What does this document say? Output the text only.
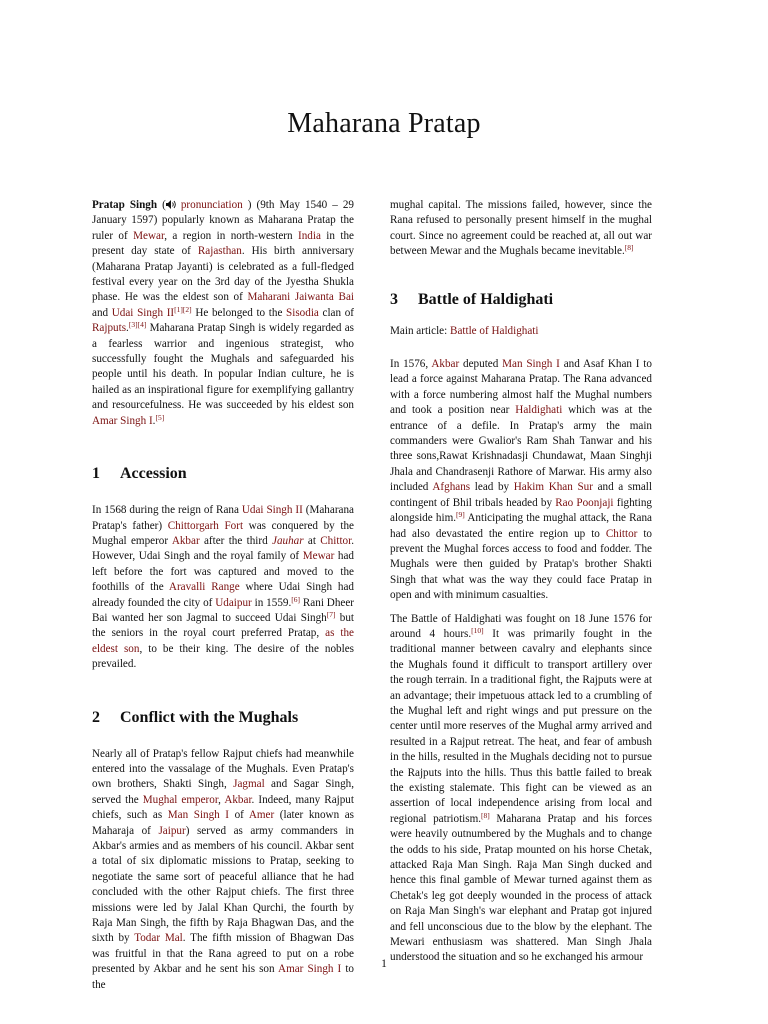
Maharana Pratap

Pratap Singh ( pronunciation ) (9th May 1540 – 29 January 1597) popularly known as Maharana Pratap the ruler of Mewar, a region in north-western India in the present day state of Rajasthan. His birth anniversary (Maharana Pratap Jayanti) is celebrated as a full-fledged festival every year on the 3rd day of the Jyestha Shukla phase. He was the eldest son of Maharani Jaiwanta Bai and Udai Singh II[1][2] He belonged to the Sisodia clan of Rajputs.[3][4] Maharana Pratap Singh is widely regarded as a fearless warrior and ingenious strategist, who successfully fought the Mughals and safeguarded his people until his death. In popular Indian culture, he is hailed as an inspirational figure for exemplifying gallantry and resourcefulness. He was succeeded by his eldest son Amar Singh I.[5]

1 Accession

In 1568 during the reign of Rana Udai Singh II (Maharana Pratap's father) Chittorgarh Fort was conquered by the Mughal emperor Akbar after the third Jauhar at Chittor. However, Udai Singh and the royal family of Mewar had left before the fort was captured and moved to the foothills of the Aravalli Range where Udai Singh had already founded the city of Udaipur in 1559.[6] Rani Dheer Bai wanted her son Jagmal to succeed Udai Singh[7] but the seniors in the royal court preferred Pratap, as the eldest son, to be their king. The desire of the nobles prevailed.

2 Conflict with the Mughals

Nearly all of Pratap's fellow Rajput chiefs had meanwhile entered into the vassalage of the Mughals. Even Pratap's own brothers, Shakti Singh, Jagmal and Sagar Singh, served the Mughal emperor, Akbar. Indeed, many Rajput chiefs, such as Man Singh I of Amer (later known as Maharaja of Jaipur) served as army commanders in Akbar's armies and as members of his council. Akbar sent a total of six diplomatic missions to Pratap, seeking to negotiate the same sort of peaceful alliance that he had concluded with the other Rajput chiefs. The first three missions were led by Jalal Khan Qurchi, the fourth by Raja Man Singh, the fifth by Raja Bhagwan Das, and the sixth by Todar Mal. The fifth mission of Bhagwan Das was fruitful in that the Rana agreed to put on a robe presented by Akbar and he sent his son Amar Singh I to the

mughal capital. The missions failed, however, since the Rana refused to personally present himself in the mughal court. Since no agreement could be reached at, all out war between Mewar and the Mughals became inevitable.[8]

3 Battle of Haldighati

Main article: Battle of Haldighati

In 1576, Akbar deputed Man Singh I and Asaf Khan I to lead a force against Maharana Pratap. The Rana advanced with a force numbering almost half the Mughal numbers and took a position near Haldighati which was at the entrance of a defile. In Pratap's army the main commanders were Gwalior's Ram Shah Tanwar and his three sons,Rawat Krishnadasji Chundawat, Maan Singhji Jhala and Chandrasenji Rathore of Marwar. His army also included Afghans lead by Hakim Khan Sur and a small contingent of Bhil tribals headed by Rao Poonjaji fighting alongside him.[9] Anticipating the mughal attack, the Rana had also devastated the entire region up to Chittor to prevent the Mughal forces access to food and fodder. The Mughals were then guided by Pratap's brother Shakti Singh that what was the way they could face Pratap in open and with minimum casualties.

The Battle of Haldighati was fought on 18 June 1576 for around 4 hours.[10] It was primarily fought in the traditional manner between cavalry and elephants since the Mughals found it difficult to transport artillery over the rough terrain. In a traditional fight, the Rajputs were at an advantage; their impetuous attack led to a crumbling of the Mughal left and right wings and put pressure on the center until more reserves of the Mughal army arrived and resulted in a Rajput retreat. The heat, and fear of ambush in the hills, resulted in the Mughals deciding not to pursue the Rajputs into the hills. Thus this battle failed to break the existing stalemate. This fight can be viewed as an assertion of local independence arising from local and regional patriotism.[8] Maharana Pratap and his forces were heavily outnumbered by the Mughals and to change the odds to his side, Pratap mounted on his horse Chetak, attacked Raja Man Singh. Raja Man Singh ducked and hence this final gamble of Mewar turned against them as Chetak's leg got deeply wounded in the process of attack on Raja Man Singh's war elephant and Pratap got injured and fell unconscious due to the blow by the elephant. The Mewari enthusiasm was shattered. Man Singh Jhala understood the situation and so he exchanged his armour

1
